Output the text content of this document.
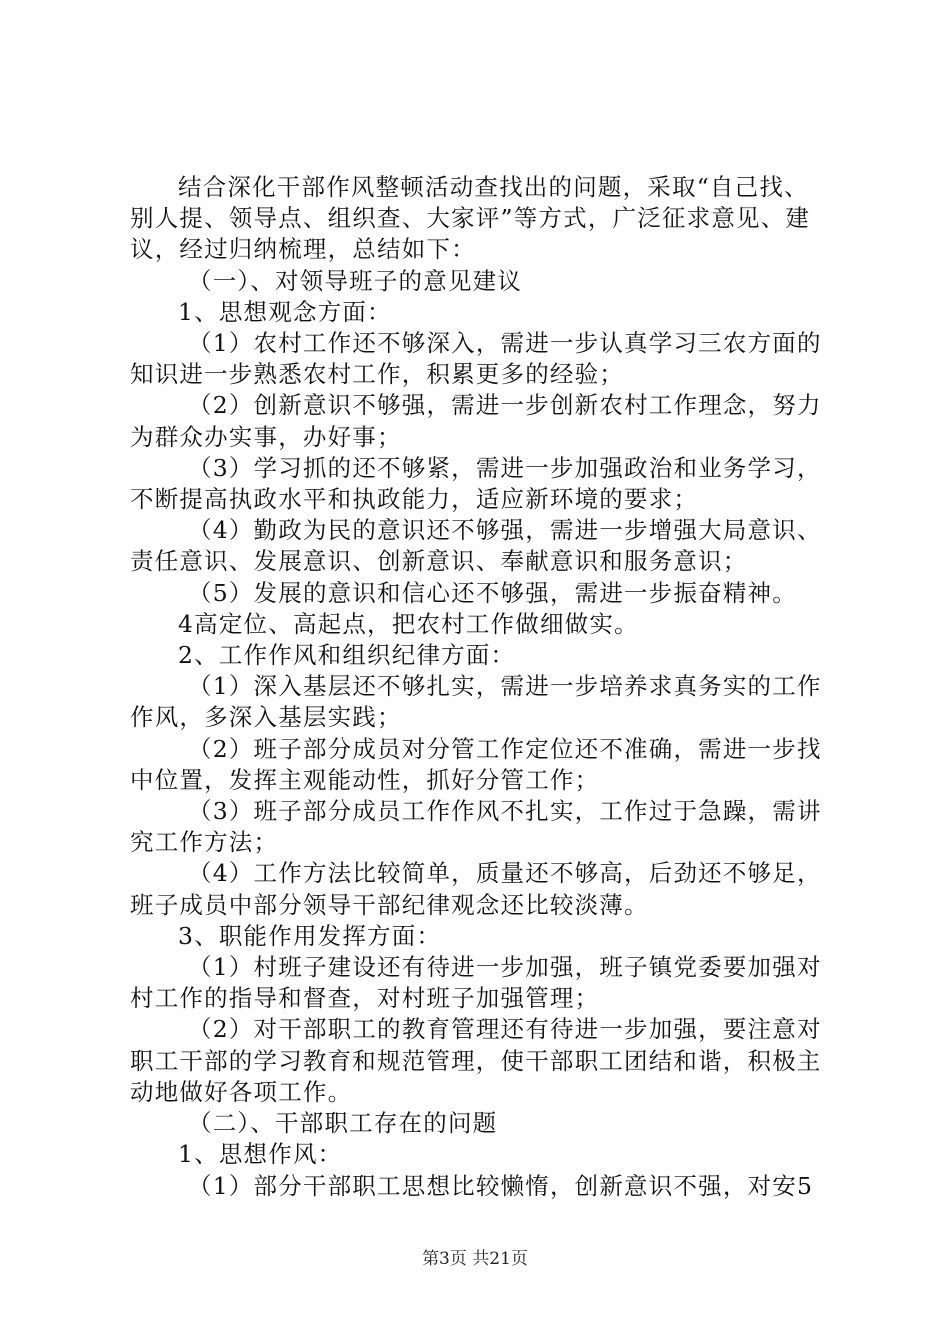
结合深化干部作风整顿活动查找出的问题，采取“自己找、别人提、领导点、组织查、大家评”等方式，广泛征求意见、建议，经过归纳梳理，总结如下：

（一）、对领导班子的意见建议

1、思想观念方面：

（1）农村工作还不够深入，需进一步认真学习三农方面的知识进一步熟悉农村工作，积累更多的经验；

（2）创新意识不够强，需进一步创新农村工作理念，努力为群众办实事，办好事；

（3）学习抓的还不够紧，需进一步加强政治和业务学习，不断提高执政水平和执政能力，适应新环境的要求；

（4）勤政为民的意识还不够强，需进一步增强大局意识、责任意识、发展意识、创新意识、奉献意识和服务意识；

（5）发展的意识和信心还不够强，需进一步振奋精神。

4高定位、高起点，把农村工作做细做实。

2、工作作风和组织纪律方面：

（1）深入基层还不够扎实，需进一步培养求真务实的工作作风，多深入基层实践；

（2）班子部分成员对分管工作定位还不准确，需进一步找中位置，发挥主观能动性，抓好分管工作；

（3）班子部分成员工作作风不扎实，工作过于急躁，需讲究工作方法；

（4）工作方法比较简单，质量还不够高，后劲还不够足，班子成员中部分领导干部纪律观念还比较淡薄。

3、职能作用发挥方面：

（1）村班子建设还有待进一步加强，班子镇党委要加强对村工作的指导和督查，对村班子加强管理；

（2）对干部职工的教育管理还有待进一步加强，要注意对职工干部的学习教育和规范管理，使干部职工团结和谐，积极主动地做好各项工作。

（二）、干部职工存在的问题

1、思想作风：

（1）部分干部职工思想比较懒惰，创新意识不强，对安5

第3页 共21页
